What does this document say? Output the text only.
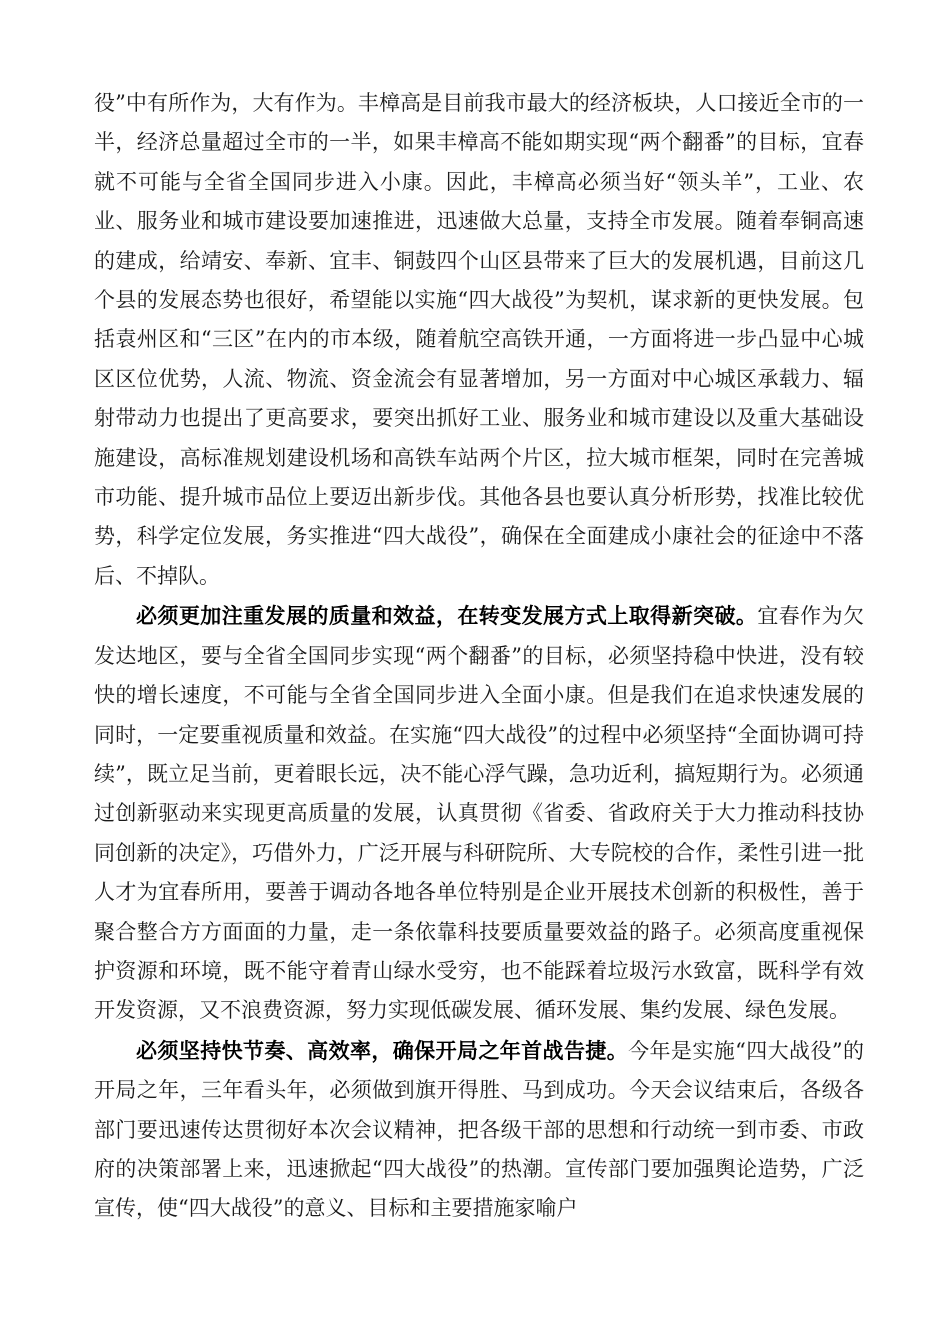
役”中有所作为，大有作为。丰樟高是目前我市最大的经济板块，人口接近全市的一半，经济总量超过全市的一半，如果丰樟高不能如期实现“两个翻番”的目标，宜春就不可能与全省全国同步进入小康。因此，丰樟高必须当好“领头羊”，工业、农业、服务业和城市建设要加速推进，迅速做大总量，支持全市发展。随着奉铜高速的建成，给靖安、奉新、宜丰、铜鼓四个山区县带来了巨大的发展机遇，目前这几个县的发展态势也很好，希望能以实施“四大战役”为契机，谋求新的更快发展。包括袁州区和“三区”在内的市本级，随着航空高铁开通，一方面将进一步凸显中心城区区位优势，人流、物流、资金流会有显著增加，另一方面对中心城区承载力、辐射带动力也提出了更高要求，要突出抓好工业、服务业和城市建设以及重大基础设施建设，高标准规划建设机场和高铁车站两个片区，拉大城市框架，同时在完善城市功能、提升城市品位上要迈出新步伐。其他各县也要认真分析形势，找准比较优势，科学定位发展，务实推进“四大战役”，确保在全面建成小康社会的征途中不落后、不掉队。

必须更加注重发展的质量和效益，在转变发展方式上取得新突破。宜春作为欠发达地区，要与全省全国同步实现“两个翻番”的目标，必须坚持稳中快进，没有较快的增长速度，不可能与全省全国同步进入全面小康。但是我们在追求快速发展的同时，一定要重视质量和效益。在实施“四大战役”的过程中必须坚持“全面协调可持续”，既立足当前，更着眼长远，决不能心浮气躁，急功近利，搞短期行为。必须通过创新驱动来实现更高质量的发展，认真贯彻《省委、省政府关于大力推动科技协同创新的决定》，巧借外力，广泛开展与科研院所、大专院校的合作，柔性引进一批人才为宜春所用，要善于调动各地各单位特别是企业开展技术创新的积极性，善于聚合整合方方面面的力量，走一条依靠科技要质量要效益的路子。必须高度重视保护资源和环境，既不能守着青山绿水受穷，也不能踩着垃圾污水致富，既科学有效开发资源，又不浪费资源，努力实现低碳发展、循环发展、集约发展、绿色发展。

必须坚持快节奏、高效率，确保开局之年首战告捷。今年是实施“四大战役”的开局之年，三年看头年，必须做到旗开得胜、马到成功。今天会议结束后，各级各部门要迅速传达贯彻好本次会议精神，把各级干部的思想和行动统一到市委、市政府的决策部署上来，迅速掀起“四大战役”的热潮。宣传部门要加强舆论造势，广泛宣传，使“四大战役”的意义、目标和主要措施家喻户
